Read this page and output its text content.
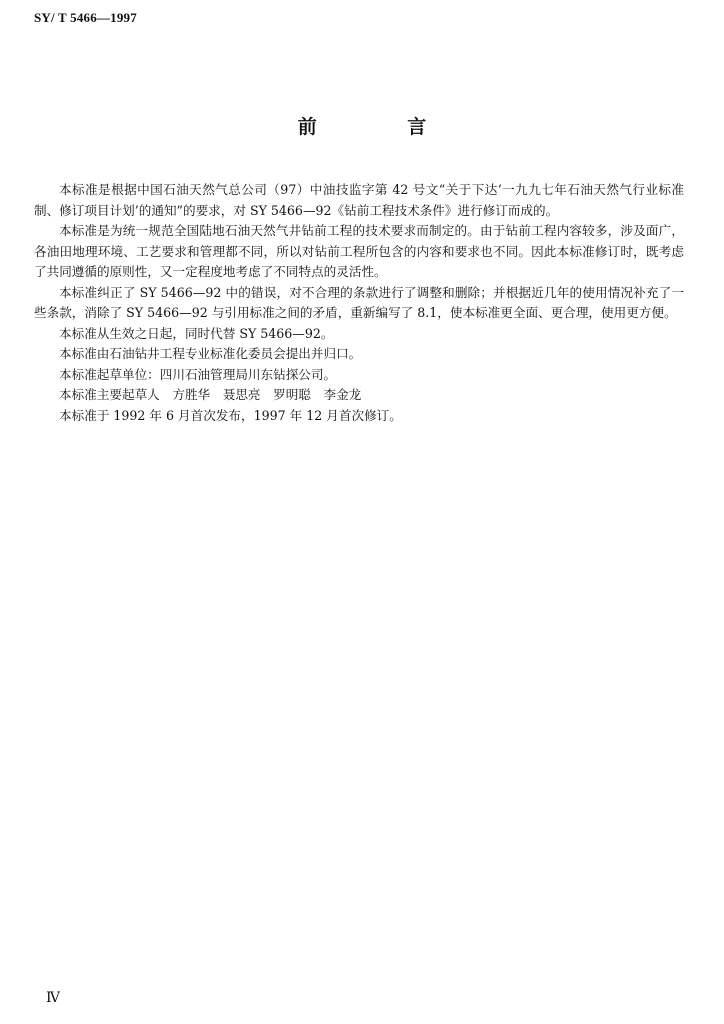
SY/ T 5466—1997
前 言

本标准是根据中国石油天然气总公司（97）中油技监字第 42 号文“关于下达‘一九九七年石油天然气行业标准制、修订项目计划’的通知”的要求，对 SY 5466—92《钻前工程技术条件》进行修订而成的。

本标准是为统一规范全国陆地石油天然气井钻前工程的技术要求而制定的。由于钻前工程内容较多，涉及面广，各油田地理环境、工艺要求和管理都不同，所以对钻前工程所包含的内容和要求也不同。因此本标准修订时，既考虑了共同遵循的原则性，又一定程度地考虑了不同特点的灵活性。

本标准纠正了 SY 5466—92 中的错误，对不合理的条款进行了调整和删除；并根据近几年的使用情况补充了一些条款，消除了 SY 5466—92 与引用标准之间的矛盾，重新编写了 8.1，使本标准更全面、更合理，使用更方便。

本标准从生效之日起，同时代替 SY 5466—92。

本标准由石油钻井工程专业标准化委员会提出并归口。

本标准起草单位：四川石油管理局川东钻探公司。

本标准主要起草人　方胜华　聂思亮　罗明聪　李金龙

本标准于 1992 年 6 月首次发布，1997 年 12 月首次修订。

Ⅳ
